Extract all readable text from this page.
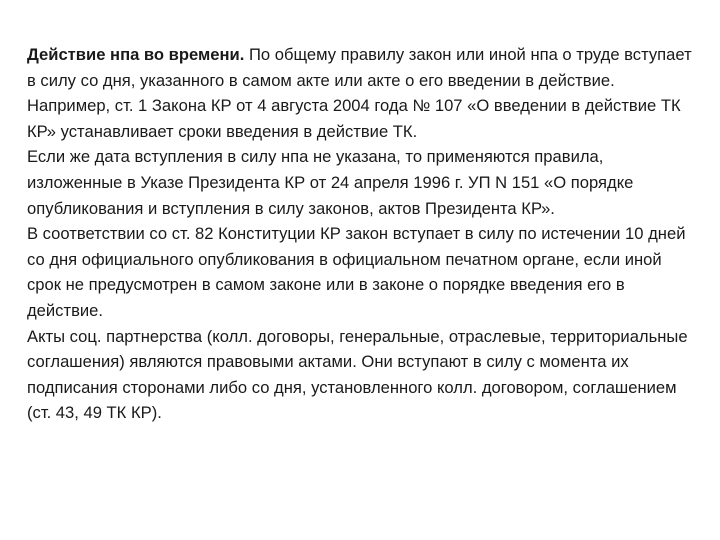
Действие нпа во времени. По общему правилу закон или иной нпа о труде вступает в силу со дня, указанного в самом акте или акте о его введении в действие. Например, ст. 1 Закона КР от 4 августа 2004 года № 107 «О введении в действие ТК КР» устанавливает сроки введения в действие ТК.

Если же дата вступления в силу нпа не указана, то применяются правила, изложенные в Указе Президента КР от 24 апреля 1996 г. УП N 151 «О порядке опубликования и вступления в силу законов, актов Президента КР».

В соответствии со ст. 82 Конституции КР закон вступает в силу по истечении 10 дней со дня официального опубликования в официальном печатном органе, если иной срок не предусмотрен в самом законе или в законе о порядке введения его в действие.

Акты соц. партнерства (колл. договоры, генеральные, отраслевые, территориальные соглашения) являются правовыми актами. Они вступают в силу с момента их подписания сторонами либо со дня, установленного колл. договором, соглашением (ст. 43, 49 ТК КР).
